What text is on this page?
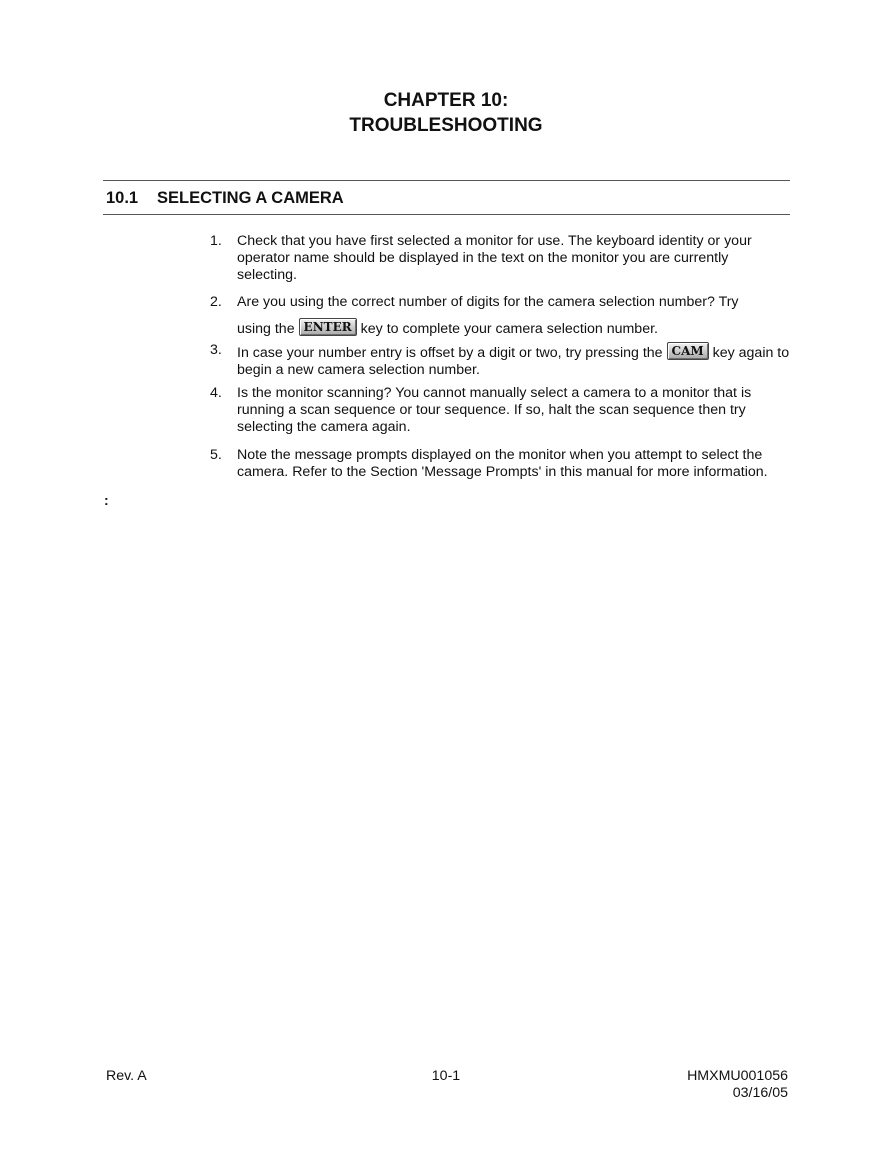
CHAPTER 10:
TROUBLESHOOTING
10.1 SELECTING A CAMERA
1. Check that you have first selected a monitor for use. The keyboard identity or your operator name should be displayed in the text on the monitor you are currently selecting.
2. Are you using the correct number of digits for the camera selection number? Try
using the ENTER key to complete your camera selection number.
3. In case your number entry is offset by a digit or two, try pressing the CAM key again to begin a new camera selection number.
4. Is the monitor scanning? You cannot manually select a camera to a monitor that is running a scan sequence or tour sequence. If so, halt the scan sequence then try selecting the camera again.
5. Note the message prompts displayed on the monitor when you attempt to select the camera. Refer to the Section 'Message Prompts' in this manual for more information.
:
Rev. A	10-1	HMXMU001056
03/16/05
